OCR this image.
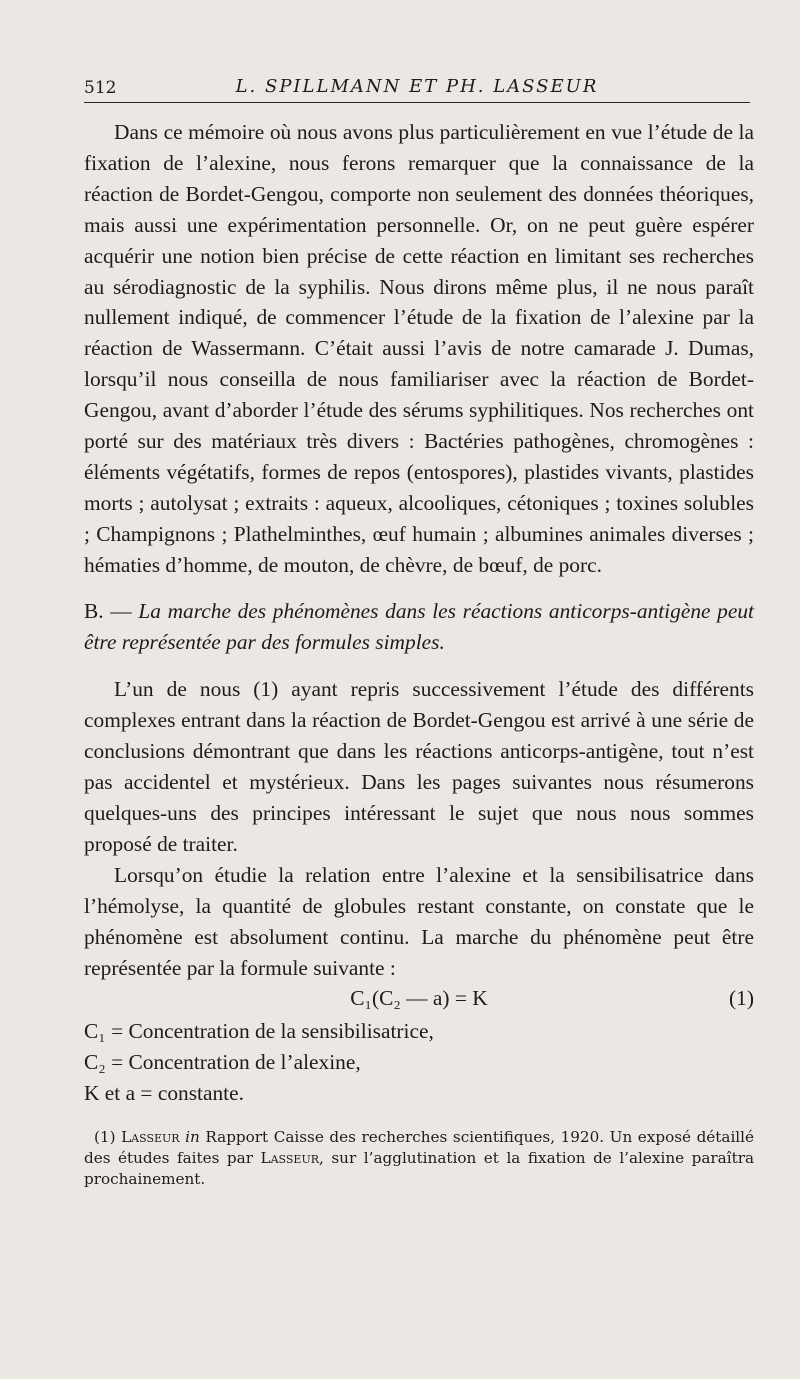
512	L. SPILLMANN ET PH. LASSEUR

Dans ce mémoire où nous avons plus particulièrement en vue l’étude de la fixation de l’alexine, nous ferons remarquer que la connaissance de la réaction de Bordet-Gengou, comporte non seulement des données théoriques, mais aussi une expérimentation personnelle. Or, on ne peut guère espérer acquérir une notion bien précise de cette réaction en limitant ses recherches au sérodiagnostic de la syphilis. Nous dirons même plus, il ne nous paraît nullement indiqué, de commencer l’étude de la fixation de l’alexine par la réaction de Wassermann. C’était aussi l’avis de notre camarade J. Dumas, lorsqu’il nous conseilla de nous familiariser avec la réaction de Bordet-Gengou, avant d’aborder l’étude des sérums syphilitiques. Nos recherches ont porté sur des matériaux très divers : Bactéries pathogènes, chromogènes : éléments végétatifs, formes de repos (entospores), plastides vivants, plastides morts ; autolysat ; extraits : aqueux, alcooliques, cétoniques ; toxines solubles ; Champignons ; Plathelminthes, œuf humain ; albumines animales diverses ; hématies d’homme, de mouton, de chèvre, de bœuf, de porc.

B. — La marche des phénomènes dans les réactions anticorps-antigène peut être représentée par des formules simples.

L’un de nous (1) ayant repris successivement l’étude des différents complexes entrant dans la réaction de Bordet-Gengou est arrivé à une série de conclusions démontrant que dans les réactions anticorps-antigène, tout n’est pas accidentel et mystérieux. Dans les pages suivantes nous résumerons quelques-uns des principes intéressant le sujet que nous nous sommes proposé de traiter.

Lorsqu’on étudie la relation entre l’alexine et la sensibilisatrice dans l’hémolyse, la quantité de globules restant constante, on constate que le phénomène est absolument continu. La marche du phénomène peut être représentée par la formule suivante :

C₁(C₂ — a) = K	(1)
C₁ = Concentration de la sensibilisatrice,
C₂ = Concentration de l’alexine,
K et a = constante.
(1) Lasseur in Rapport Caisse des recherches scientifiques, 1920. Un exposé détaillé des études faites par Lasseur, sur l’agglutination et la fixation de l’alexine paraîtra prochainement.
